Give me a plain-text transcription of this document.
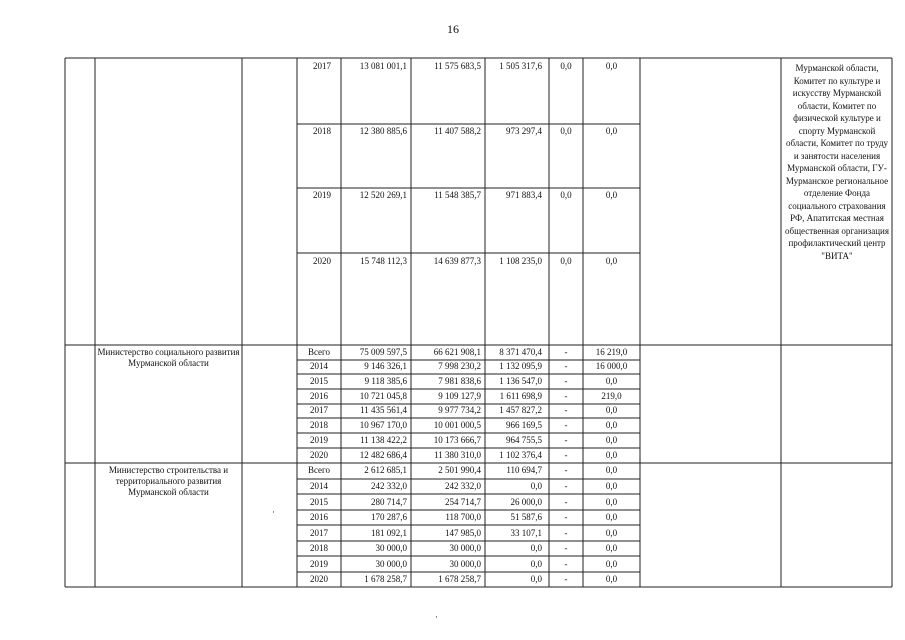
16
2017	13 081 001,1	11 575 683,5	1 505 317,6	0,0	0,0
2018	12 380 885,6	11 407 588,2	973 297,4	0,0	0,0
2019	12 520 269,1	11 548 385,7	971 883,4	0,0	0,0
2020	15 748 112,3	14 639 877,3	1 108 235,0	0,0	0,0
Мурманской области, Комитет по культуре и искусству Мурманской области, Комитет по физической культуре и спорту Мурманской области, Комитет по труду и занятости населения Мурманской области, ГУ-Мурманское региональное отделение Фонда социального страхования РФ, Апатитская местная общественная организация профилактический центр "ВИТА"
Министерство социального развития Мурманской области
Всего	75 009 597,5	66 621 908,1	8 371 470,4	-	16 219,0
2014	9 146 326,1	7 998 230,2	1 132 095,9	-	16 000,0
2015	9 118 385,6	7 981 838,6	1 136 547,0	-	0,0
2016	10 721 045,8	9 109 127,9	1 611 698,9	-	219,0
2017	11 435 561,4	9 977 734,2	1 457 827,2	-	0,0
2018	10 967 170,0	10 001 000,5	966 169,5	-	0,0
2019	11 138 422,2	10 173 666,7	964 755,5	-	0,0
2020	12 482 686,4	11 380 310,0	1 102 376,4	-	0,0
Министерство строительства и территориального развития Мурманской области
Всего	2 612 685,1	2 501 990,4	110 694,7	-	0,0
2014	242 332,0	242 332,0	0,0	-	0,0
2015	280 714,7	254 714,7	26 000,0	-	0,0
2016	170 287,6	118 700,0	51 587,6	-	0,0
2017	181 092,1	147 985,0	33 107,1	-	0,0
2018	30 000,0	30 000,0	0,0	-	0,0
2019	30 000,0	30 000,0	0,0	-	0,0
2020	1 678 258,7	1 678 258,7	0,0	-	0,0
·
·
